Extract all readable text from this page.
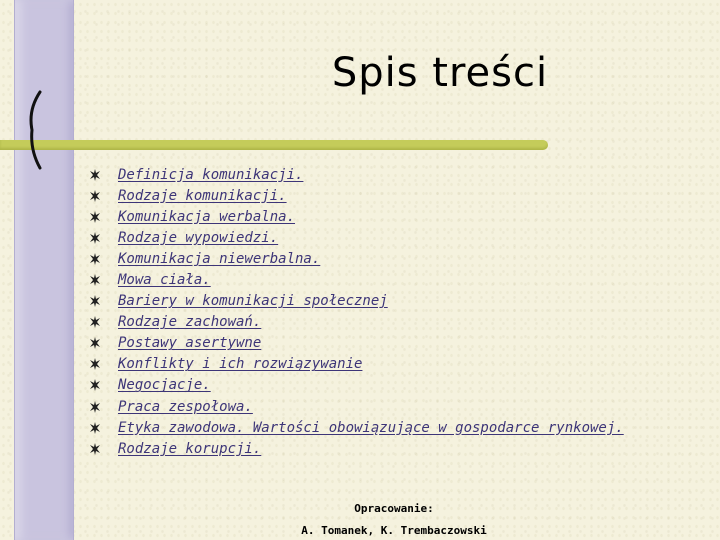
Spis treści
Definicja komunikacji.
Rodzaje komunikacji.
Komunikacja werbalna.
Rodzaje wypowiedzi.
Komunikacja niewerbalna.
Mowa ciała.
Bariery w komunikacji społecznej
Rodzaje zachowań.
Postawy asertywne
Konflikty i ich rozwiązywanie
Negocjacje.
Praca zespołowa.
Etyka zawodowa. Wartości obowiązujące w gospodarce rynkowej.
Rodzaje korupcji.
Opracowanie:
A. Tomanek, K. Trembaczowski
